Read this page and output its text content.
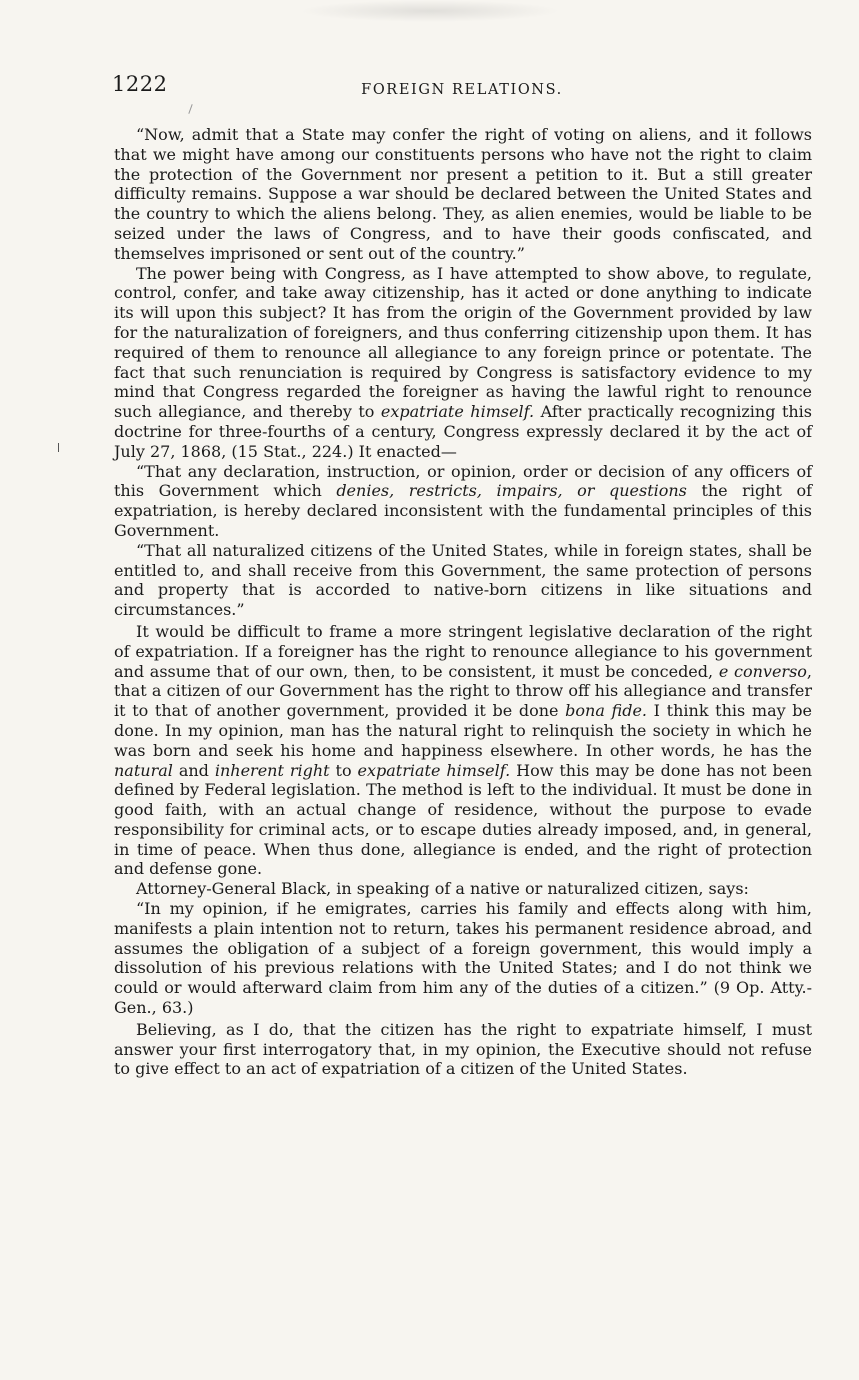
1222	FOREIGN RELATIONS.

“Now, admit that a State may confer the right of voting on aliens, and it follows that we might have among our constituents persons who have not the right to claim the protection of the Government nor present a petition to it. But a still greater difficulty remains. Suppose a war should be declared between the United States and the country to which the aliens belong. They, as alien enemies, would be liable to be seized under the laws of Congress, and to have their goods confiscated, and themselves imprisoned or sent out of the country.”

The power being with Congress, as I have attempted to show above, to regulate, control, confer, and take away citizenship, has it acted or done anything to indicate its will upon this subject? It has from the origin of the Government provided by law for the naturalization of foreigners, and thus conferring citizenship upon them. It has required of them to renounce all allegiance to any foreign prince or potentate. The fact that such renunciation is required by Congress is satisfactory evidence to my mind that Congress regarded the foreigner as having the lawful right to renounce such allegiance, and thereby to expatriate himself. After practically recognizing this doctrine for three-fourths of a century, Congress expressly declared it by the act of July 27, 1868, (15 Stat., 224.) It enacted—

“That any declaration, instruction, or opinion, order or decision of any officers of this Government which denies, restricts, impairs, or questions the right of expatriation, is hereby declared inconsistent with the fundamental principles of this Government.

“That all naturalized citizens of the United States, while in foreign states, shall be entitled to, and shall receive from this Government, the same protection of persons and property that is accorded to native-born citizens in like situations and circumstances.”

It would be difficult to frame a more stringent legislative declaration of the right of expatriation. If a foreigner has the right to renounce allegiance to his government and assume that of our own, then, to be consistent, it must be conceded, e converso, that a citizen of our Government has the right to throw off his allegiance and transfer it to that of another government, provided it be done bona fide. I think this may be done. In my opinion, man has the natural right to relinquish the society in which he was born and seek his home and happiness elsewhere. In other words, he has the natural and inherent right to expatriate himself. How this may be done has not been defined by Federal legislation. The method is left to the individual. It must be done in good faith, with an actual change of residence, without the purpose to evade responsibility for criminal acts, or to escape duties already imposed, and, in general, in time of peace. When thus done, allegiance is ended, and the right of protection and defense gone.

Attorney-General Black, in speaking of a native or naturalized citizen, says:

“In my opinion, if he emigrates, carries his family and effects along with him, manifests a plain intention not to return, takes his permanent residence abroad, and assumes the obligation of a subject of a foreign government, this would imply a dissolution of his previous relations with the United States; and I do not think we could or would afterward claim from him any of the duties of a citizen.” (9 Op. Atty.-Gen., 63.)

Believing, as I do, that the citizen has the right to expatriate himself, I must answer your first interrogatory that, in my opinion, the Executive should not refuse to give effect to an act of expatriation of a citizen of the United States.
